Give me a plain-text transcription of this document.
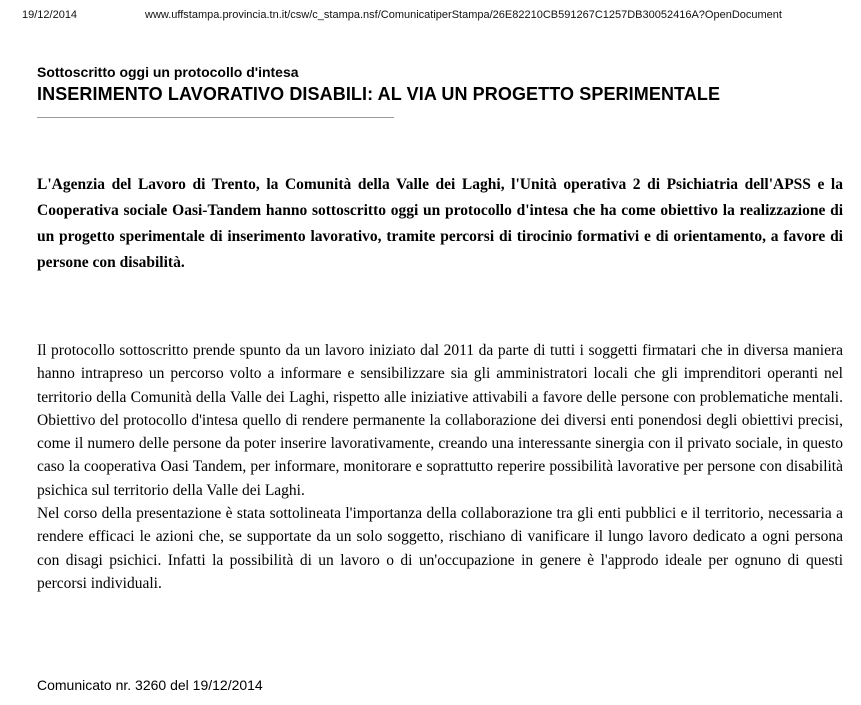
19/12/2014	www.uffstampa.provincia.tn.it/csw/c_stampa.nsf/ComunicatiperStampa/26E82210CB591267C1257DB30052416A?OpenDocument
Sottoscritto oggi un protocollo d'intesa
INSERIMENTO LAVORATIVO DISABILI: AL VIA UN PROGETTO SPERIMENTALE

L'Agenzia del Lavoro di Trento, la Comunità della Valle dei Laghi, l'Unità operativa 2 di Psichiatria dell'APSS e la Cooperativa sociale Oasi-Tandem hanno sottoscritto oggi un protocollo d'intesa che ha come obiettivo la realizzazione di un progetto sperimentale di inserimento lavorativo, tramite percorsi di tirocinio formativi e di orientamento, a favore di persone con disabilità.

Il protocollo sottoscritto prende spunto da un lavoro iniziato dal 2011 da parte di tutti i soggetti firmatari che in diversa maniera hanno intrapreso un percorso volto a informare e sensibilizzare sia gli amministratori locali che gli imprenditori operanti nel territorio della Comunità della Valle dei Laghi, rispetto alle iniziative attivabili a favore delle persone con problematiche mentali. Obiettivo del protocollo d'intesa quello di rendere permanente la collaborazione dei diversi enti ponendosi degli obiettivi precisi, come il numero delle persone da poter inserire lavorativamente, creando una interessante sinergia con il privato sociale, in questo caso la cooperativa Oasi Tandem, per informare, monitorare e soprattutto reperire possibilità lavorative per persone con disabilità psichica sul territorio della Valle dei Laghi.

Nel corso della presentazione è stata sottolineata l'importanza della collaborazione tra gli enti pubblici e il territorio, necessaria a rendere efficaci le azioni che, se supportate da un solo soggetto, rischiano di vanificare il lungo lavoro dedicato a ogni persona con disagi psichici. Infatti la possibilità di un lavoro o di un'occupazione in genere è l'approdo ideale per ognuno di questi percorsi individuali.

Comunicato nr. 3260 del 19/12/2014
